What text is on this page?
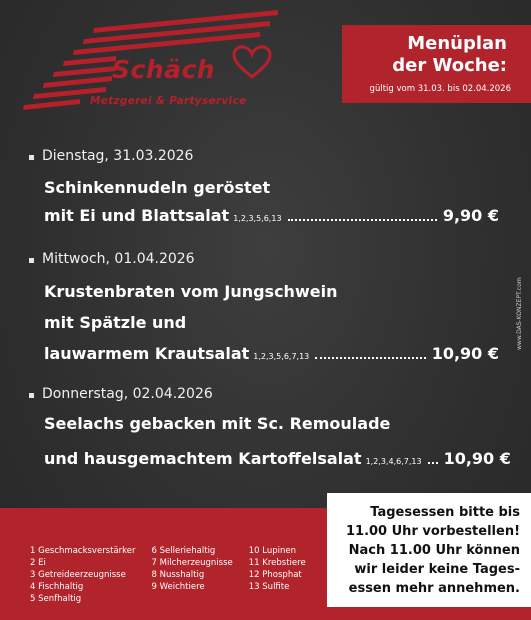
Schäch
Metzgerei & Partyservice
Menüplan
der Woche:
gültig vom 31.03. bis 02.04.2026
Dienstag, 31.03.2026
Schinkennudeln geröstet
mit Ei und Blattsalat 1,2,3,5,6,13	9,90 €
Mittwoch, 01.04.2026
Krustenbraten vom Jungschwein
mit Spätzle und
lauwarmem Krautsalat 1,2,3,5,6,7,13	10,90 €
Donnerstag, 02.04.2026
Seelachs gebacken mit Sc. Remoulade
und hausgemachtem Kartoffelsalat 1,2,3,4,6,7,13 10,90 €
www.DAS-KONZEPT.com
1 Geschmacksverstärker
2 Ei
3 Getreideerzeugnisse
4 Fischhaltig
5 Senfhaltig
6 Selleriehaltig
7 Milcherzeugnisse
8 Nusshaltig
9 Weichtiere
10 Lupinen
11 Krebstiere
12 Phosphat
13 Sulfite
Tagesessen bitte bis
11.00 Uhr vorbestellen!
Nach 11.00 Uhr können
wir leider keine Tages-
essen mehr annehmen.
